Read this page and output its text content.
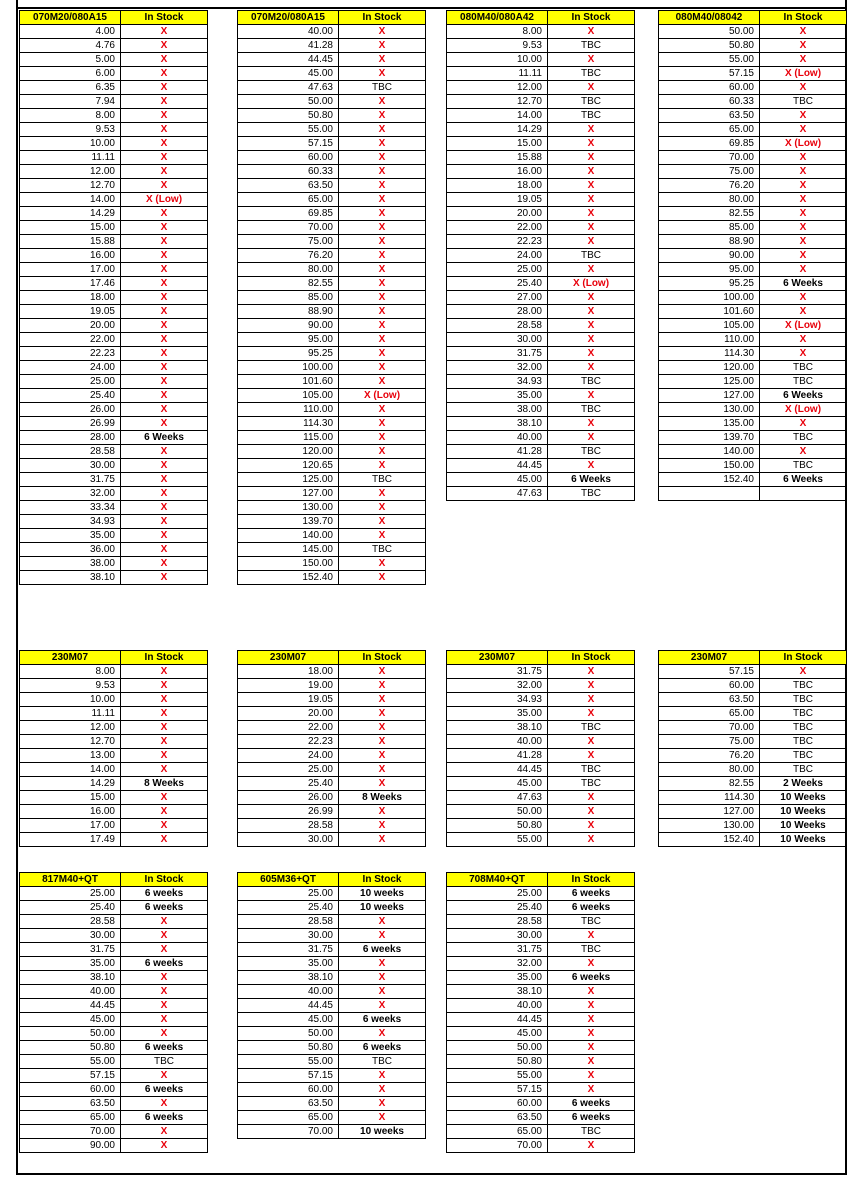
070M20/080A15	In Stock
4.00	X
4.76	X
5.00	X
6.00	X
6.35	X
7.94	X
8.00	X
9.53	X
10.00	X
11.11	X
12.00	X
12.70	X
14.00	X (Low)
14.29	X
15.00	X
15.88	X
16.00	X
17.00	X
17.46	X
18.00	X
19.05	X
20.00	X
22.00	X
22.23	X
24.00	X
25.00	X
25.40	X
26.00	X
26.99	X
28.00	6 Weeks
28.58	X
30.00	X
31.75	X
32.00	X
33.34	X
34.93	X
35.00	X
36.00	X
38.00	X
38.10	X
070M20/080A15	In Stock
40.00	X
41.28	X
44.45	X
45.00	X
47.63	TBC
50.00	X
50.80	X
55.00	X
57.15	X
60.00	X
60.33	X
63.50	X
65.00	X
69.85	X
70.00	X
75.00	X
76.20	X
80.00	X
82.55	X
85.00	X
88.90	X
90.00	X
95.00	X
95.25	X
100.00	X
101.60	X
105.00	X (Low)
110.00	X
114.30	X
115.00	X
120.00	X
120.65	X
125.00	TBC
127.00	X
130.00	X
139.70	X
140.00	X
145.00	TBC
150.00	X
152.40	X
080M40/080A42	In Stock
8.00	X
9.53	TBC
10.00	X
11.11	TBC
12.00	X
12.70	TBC
14.00	TBC
14.29	X
15.00	X
15.88	X
16.00	X
18.00	X
19.05	X
20.00	X
22.00	X
22.23	X
24.00	TBC
25.00	X
25.40	X (Low)
27.00	X
28.00	X
28.58	X
30.00	X
31.75	X
32.00	X
34.93	TBC
35.00	X
38.00	TBC
38.10	X
40.00	X
41.28	TBC
44.45	X
45.00	6 Weeks
47.63	TBC
080M40/08042	In Stock
50.00	X
50.80	X
55.00	X
57.15	X (Low)
60.00	X
60.33	TBC
63.50	X
65.00	X
69.85	X (Low)
70.00	X
75.00	X
76.20	X
80.00	X
82.55	X
85.00	X
88.90	X
90.00	X
95.00	X
95.25	6 Weeks
100.00	X
101.60	X
105.00	X (Low)
110.00	X
114.30	X
120.00	TBC
125.00	TBC
127.00	6 Weeks
130.00	X (Low)
135.00	X
139.70	TBC
140.00	X
150.00	TBC
152.40	6 Weeks

230M07	In Stock
8.00	X
9.53	X
10.00	X
11.11	X
12.00	X
12.70	X
13.00	X
14.00	X
14.29	8 Weeks
15.00	X
16.00	X
17.00	X
17.49	X
230M07	In Stock
18.00	X
19.00	X
19.05	X
20.00	X
22.00	X
22.23	X
24.00	X
25.00	X
25.40	X
26.00	8 Weeks
26.99	X
28.58	X
30.00	X
230M07	In Stock
31.75	X
32.00	X
34.93	X
35.00	X
38.10	TBC
40.00	X
41.28	X
44.45	TBC
45.00	TBC
47.63	X
50.00	X
50.80	X
55.00	X
230M07	In Stock
57.15	X
60.00	TBC
63.50	TBC
65.00	TBC
70.00	TBC
75.00	TBC
76.20	TBC
80.00	TBC
82.55	2 Weeks
114.30	10 Weeks
127.00	10 Weeks
130.00	10 Weeks
152.40	10 Weeks
817M40+QT	In Stock
25.00	6 weeks
25.40	6 weeks
28.58	X
30.00	X
31.75	X
35.00	6 weeks
38.10	X
40.00	X
44.45	X
45.00	X
50.00	X
50.80	6 weeks
55.00	TBC
57.15	X
60.00	6 weeks
63.50	X
65.00	6 weeks
70.00	X
90.00	X
605M36+QT	In Stock
25.00	10 weeks
25.40	10 weeks
28.58	X
30.00	X
31.75	6 weeks
35.00	X
38.10	X
40.00	X
44.45	X
45.00	6 weeks
50.00	X
50.80	6 weeks
55.00	TBC
57.15	X
60.00	X
63.50	X
65.00	X
70.00	10 weeks
708M40+QT	In Stock
25.00	6 weeks
25.40	6 weeks
28.58	TBC
30.00	X
31.75	TBC
32.00	X
35.00	6 weeks
38.10	X
40.00	X
44.45	X
45.00	X
50.00	X
50.80	X
55.00	X
57.15	X
60.00	6 weeks
63.50	6 weeks
65.00	TBC
70.00	X
